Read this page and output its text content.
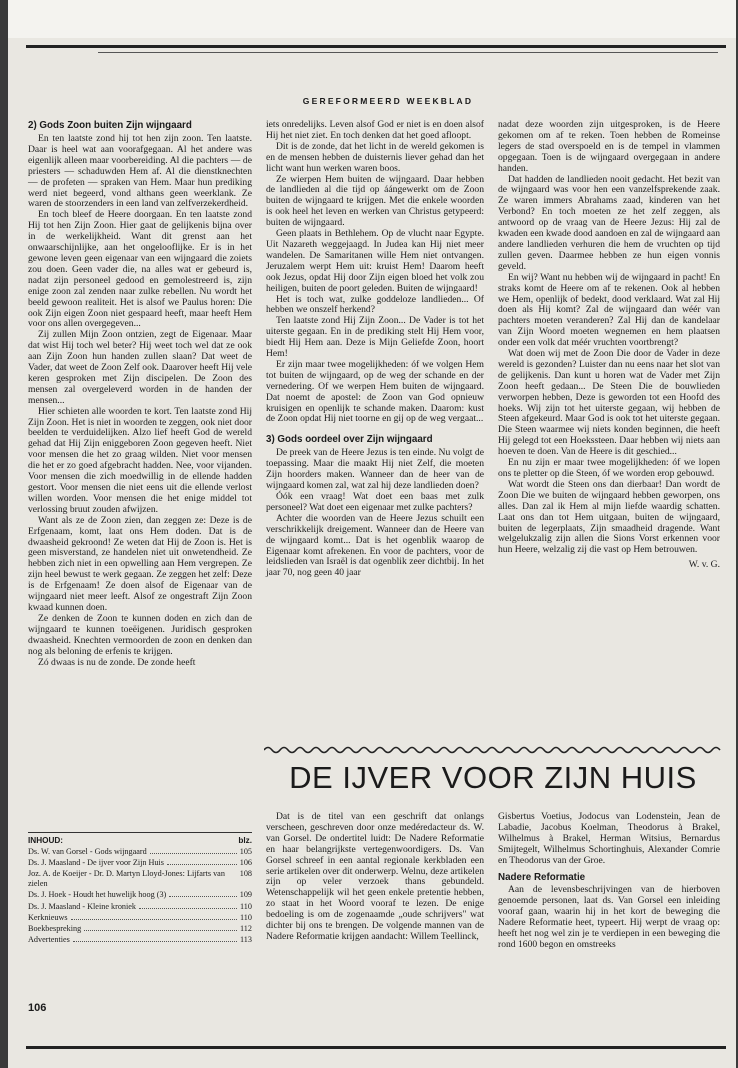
GEREFORMEERD WEEKBLAD
2) Gods Zoon buiten Zijn wijngaard

En ten laatste zond hij tot hen zijn zoon. Ten laatste. Daar is heel wat aan voorafgegaan. Al het andere was eigenlijk alleen maar voorbereiding. Al die pachters — de priesters — schaduwden Hem af. Al die dienstknechten — de profeten — spraken van Hem. Maar hun prediking werd niet begeerd, vond althans geen weerklank. Ze waren de stoorzenders in een land van zelfverzekerdheid.

En toch bleef de Heere doorgaan. En ten laatste zond Hij tot hen Zijn Zoon. Hier gaat de gelijkenis bijna over in de werkelijkheid. Want dit grenst aan het onwaarschijnlijke, aan het ongelooflijke. Er is in het gewone leven geen eigenaar van een wijngaard die zoiets zou doen. Geen vader die, na alles wat er gebeurd is, nadat zijn personeel gedood en gemolestreerd is, zijn enige zoon zal zenden naar zulke rebellen. Nu wordt het beeld gewoon realiteit. Het is alsof we Paulus horen: Die ook Zijn eigen Zoon niet gespaard heeft, maar heeft Hem voor ons allen overgegeven...

Zij zullen Mijn Zoon ontzien, zegt de Eigenaar. Maar dat wist Hij toch wel beter? Hij weet toch wel dat ze ook aan Zijn Zoon hun handen zullen slaan? Dat weet de Vader, dat weet de Zoon Zelf ook. Daarover heeft Hij vele keren gesproken met Zijn discipelen. De Zoon des mensen zal overgeleverd worden in de handen der mensen...

Hier schieten alle woorden te kort. Ten laatste zond Hij Zijn Zoon. Het is niet in woorden te zeggen, ook niet door beelden te verduidelijken. Alzo lief heeft God de wereld gehad dat Hij Zijn eniggeboren Zoon gegeven heeft. Niet voor mensen die het zo graag wilden. Niet voor mensen die het er zo goed afgebracht hadden. Nee, voor vijanden. Voor mensen die zich moedwillig in de ellende hadden gestort. Voor mensen die niet eens uit die ellende verlost willen worden. Voor mensen die het enige middel tot verlossing bruut zouden afwijzen.

Want als ze de Zoon zien, dan zeggen ze: Deze is de Erfgenaam, komt, laat ons Hem doden. Dat is de dwaasheid gekroond! Ze weten dat Hij de Zoon is. Het is geen misverstand, ze handelen niet uit onwetendheid. Ze hebben zich niet in een opwelling aan Hem vergrepen. Ze zijn heel bewust te werk gegaan. Ze zeggen het zelf: Deze is de Erfgenaam! Ze doen alsof de Eigenaar van de wijngaard niet meer leeft. Alsof ze ongestraft Zijn Zoon kwaad kunnen doen.

Ze denken de Zoon te kunnen doden en zich dan de wijngaard te kunnen toeëigenen. Juridisch gesproken dwaasheid. Knechten vermoorden de zoon en denken dan nog als beloning de erfenis te krijgen.

Zó dwaas is nu de zonde. De zonde heeft

iets onredelijks. Leven alsof God er niet is en doen alsof Hij het niet ziet. En toch denken dat het goed afloopt.

Dit is de zonde, dat het licht in de wereld gekomen is en de mensen hebben de duisternis liever gehad dan het licht want hun werken waren boos.

Ze wierpen Hem buiten de wijngaard. Daar hebben de landlieden al die tijd op áángewerkt om de Zoon buiten de wijngaard te krijgen. Met die enkele woorden is ook heel het leven en werken van Christus getypeerd: buiten de wijngaard.

Geen plaats in Bethlehem. Op de vlucht naar Egypte. Uit Nazareth weggejaagd. In Judea kan Hij niet meer wandelen. De Samaritanen wille Hem niet ontvangen. Jeruzalem werpt Hem uit: kruist Hem! Daarom heeft ook Jezus, opdat Hij door Zijn eigen bloed het volk zou heiligen, buiten de poort geleden. Buiten de wijngaard!

Het is toch wat, zulke goddeloze landlieden... Of hebben we onszelf herkend?

Ten laatste zond Hij Zijn Zoon... De Vader is tot het uiterste gegaan. En in de prediking stelt Hij Hem voor, biedt Hij Hem aan. Deze is Mijn Geliefde Zoon, hoort Hem!

Er zijn maar twee mogelijkheden: óf we volgen Hem tot buiten de wijngaard, op de weg der schande en der vernedering. Of we werpen Hem buiten de wijngaard. Dat noemt de apostel: de Zoon van God opnieuw kruisigen en openlijk te schande maken. Daarom: kust de Zoon opdat Hij niet toorne en gij op de weg vergaat...

3) Gods oordeel over Zijn wijngaard

De preek van de Heere Jezus is ten einde. Nu volgt de toepassing. Maar die maakt Hij niet Zelf, die moeten Zijn hoorders maken. Wanneer dan de heer van de wijngaard komen zal, wat zal hij deze landlieden doen?

Óók een vraag! Wat doet een baas met zulk personeel? Wat doet een eigenaar met zulke pachters?

Achter die woorden van de Heere Jezus schuilt een verschrikkelijk dreigement. Wanneer dan de Heere van de wijngaard komt... Dat is het ogenblik waarop de Eigenaar komt afrekenen. En voor de pachters, voor de leidslieden van Israël is dat ogenblik zeer dichtbij. In het jaar 70, nog geen 40 jaar

nadat deze woorden zijn uitgesproken, is de Heere gekomen om af te reken. Toen hebben de Romeinse legers de stad overspoeld en is de tempel in vlammen opgegaan. Toen is de wijngaard overgegaan in andere handen.

Dat hadden de landlieden nooit gedacht. Het bezit van de wijngaard was voor hen een vanzelfsprekende zaak. Ze waren immers Abrahams zaad, kinderen van het Verbond? En toch moeten ze het zelf zeggen, als antwoord op de vraag van de Heere Jezus: Hij zal de kwaden een kwade dood aandoen en zal de wijngaard aan andere landlieden verhuren die hem de vruchten op tijd zullen geven. Daarmee hebben ze hun eigen vonnis geveld.

En wij? Want nu hebben wij de wijngaard in pacht! En straks komt de Heere om af te rekenen. Ook al hebben we Hem, openlijk of bedekt, dood verklaard. Wat zal Hij doen als Hij komt? Zal de wijngaard dan wéér van pachters moeten veranderen? Zal Hij dan de kandelaar van Zijn Woord moeten wegnemen en hem plaatsen onder een volk dat méér vruchten voortbrengt?

Wat doen wij met de Zoon Die door de Vader in deze wereld is gezonden? Luister dan nu eens naar het slot van de gelijkenis. Dan kunt u horen wat de Vader met Zijn Zoon heeft gedaan... De Steen Die de bouwlieden verworpen hebben, Deze is geworden tot een Hoofd des hoeks. Wij zijn tot het uiterste gegaan, wij hebben de Steen afgekeurd. Maar God is ook tot het uiterste gegaan. Die Steen waarmee wij niets konden beginnen, die heeft Hij gelegd tot een Hoekssteen. Daar hebben wij niets aan hoeven te doen. Van de Heere is dit geschied...

En nu zijn er maar twee mogelijkheden: óf we lopen ons te pletter op die Steen, óf we worden erop gebouwd.

Wat wordt die Steen ons dan dierbaar! Dan wordt de Zoon Die we buiten de wijngaard hebben geworpen, ons alles. Dan zal ik Hem al mijn liefde waardig schatten. Laat ons dan tot Hem uitgaan, buiten de wijngaard, buiten de legerplaats, Zijn smaadheid dragende. Want welgelukzalig zijn allen die Sions Vorst erkennen voor hun Heere, welzalig zij die vast op Hem betrouwen.

W. v. G.
DE IJVER VOOR ZIJN HUIS

Dat is de titel van een geschrift dat onlangs verscheen, geschreven door onze medéredacteur ds. W. van Gorsel. De ondertitel luidt: De Nadere Reformatie en haar belangrijkste vertegenwoordigers. Ds. Van Gorsel schreef in een aantal regionale kerkbladen een serie artikelen over dit onderwerp. Welnu, deze artikelen zijn op veler verzoek thans gebundeld. Wetenschappelijk wil het geen enkele pretentie hebben, zo staat in het Woord vooraf te lezen. De enige bedoeling is om de zogenaamde „oude schrijvers" wat dichter bij ons te brengen. De volgende mannen van de Nadere Reformatie krijgen aandacht: Willem Teellinck,

Gisbertus Voetius, Jodocus van Lodenstein, Jean de Labadie, Jacobus Koelman, Theodorus à Brakel, Wilhelmus à Brakel, Herman Witsius, Bernardus Smijtegelt, Wilhelmus Schortinghuis, Alexander Comrie en Theodorus van der Groe.

Nadere Reformatie

Aan de levensbeschrijvingen van de hierboven genoemde personen, laat ds. Van Gorsel een inleiding vooraf gaan, waarin hij in het kort de beweging die Nadere Reformatie heet, typeert. Hij werpt de vraag op: heeft het nog wel zin je te verdiepen in een beweging die rond 1600 begon en omstreeks

INHOUD:	blz.
Ds. W. van Gorsel - Gods wijngaard	105
Ds. J. Maasland - De ijver voor Zijn Huis	106
Joz. A. de Koeijer - Dr. D. Martyn Lloyd-Jones: Lijfarts van zielen
108
Ds. J. Hoek - Houdt het huwelijk hoog (3)	109
Ds. J. Maasland - Kleine kroniek	110
Kerknieuws	110
Boekbespreking	112
Advertenties	113
106
